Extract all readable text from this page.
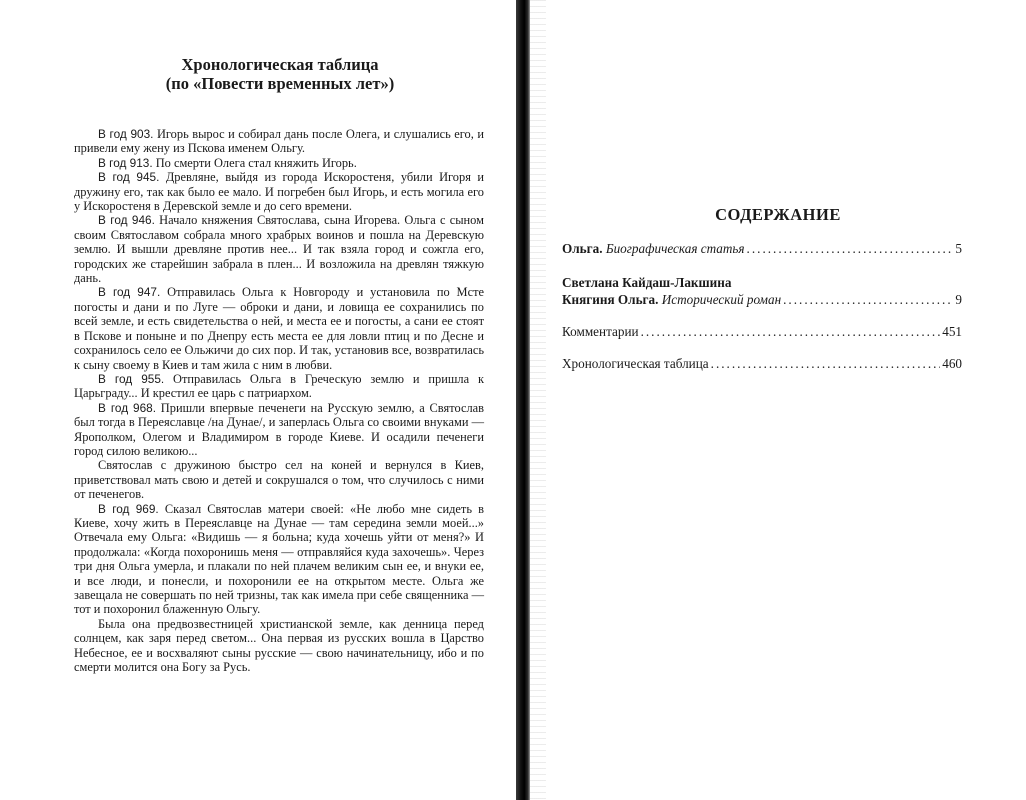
Хронологическая таблица
(по «Повести временных лет»)

В год 903. Игорь вырос и собирал дань после Олега, и слушались его, и привели ему жену из Пскова именем Ольгу.

В год 913. По смерти Олега стал княжить Игорь.

В год 945. Древляне, выйдя из города Искоростеня, убили Игоря и дружину его, так как было ее мало. И погребен был Игорь, и есть могила его у Искоростеня в Деревской земле и до сего времени.

В год 946. Начало княжения Святослава, сына Игорева. Ольга с сыном своим Святославом собрала много храбрых воинов и пошла на Деревскую землю. И вышли древляне против нее... И так взяла город и сожгла его, городских же старейшин забрала в плен... И возложила на древлян тяжкую дань.

В год 947. Отправилась Ольга к Новгороду и установила по Мсте погосты и дани и по Луге — оброки и дани, и ловища ее сохранились по всей земле, и есть свидетельства о ней, и места ее и погосты, а сани ее стоят в Пскове и поныне и по Днепру есть места ее для ловли птиц и по Десне и сохранилось село ее Ольжичи до сих пор. И так, установив все, возвратилась к сыну своему в Киев и там жила с ним в любви.

В год 955. Отправилась Ольга в Греческую землю и пришла к Царьграду... И крестил ее царь с патриархом.

В год 968. Пришли впервые печенеги на Русскую землю, а Святослав был тогда в Переяславце /на Дунае/, и заперлась Ольга со своими внуками — Ярополком, Олегом и Владимиром в городе Киеве. И осадили печенеги город силою великою...

Святослав с дружиною быстро сел на коней и вернулся в Киев, приветствовал мать свою и детей и сокрушался о том, что случилось с ними от печенегов.

В год 969. Сказал Святослав матери своей: «Не любо мне сидеть в Киеве, хочу жить в Переяславце на Дунае — там середина земли моей...» Отвечала ему Ольга: «Видишь — я больна; куда хочешь уйти от меня?» И продолжала: «Когда похоронишь меня — отправляйся куда захочешь». Через три дня Ольга умерла, и плакали по ней плачем великим сын ее, и внуки ее, и все люди, и понесли, и похоронили ее на открытом месте. Ольга же завещала не совершать по ней тризны, так как имела при себе священника — тот и похоронил блаженную Ольгу.

Была она предвозвестницей христианской земле, как денница перед солнцем, как заря перед светом... Она первая из русских вошла в Царство Небесное, ее и восхваляют сыны русские — свою начинательницу, ибо и по смерти молится она Богу за Русь.

СОДЕРЖАНИЕ
Ольга. Биографическая статья .....	5
Светлана Кайдаш-Лакшина
Княгиня Ольга. Исторический роман .....	9
Комментарии .....	451
Хронологическая таблица .....	460
